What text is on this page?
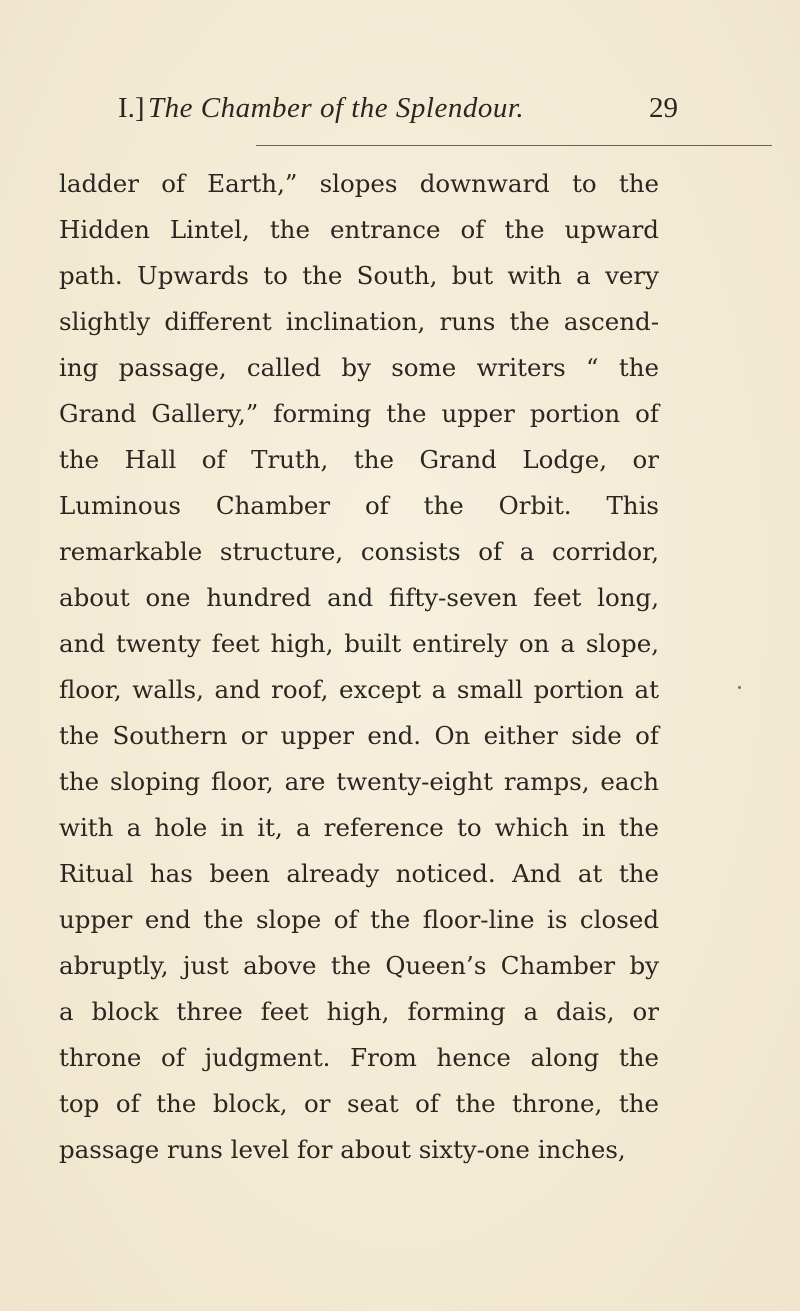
I.] The Chamber of the Splendour.	29
ladder of Earth,” slopes downward to the
Hidden Lintel, the entrance of the upward
path. Upwards to the South, but with a very
slightly different inclination, runs the ascend-
ing passage, called by some writers “ the
Grand Gallery,” forming the upper portion of
the Hall of Truth, the Grand Lodge, or
Luminous Chamber of the Orbit. This
remarkable structure, consists of a corridor,
about one hundred and fifty-seven feet long,
and twenty feet high, built entirely on a slope,
floor, walls, and roof, except a small portion at
the Southern or upper end. On either side of
the sloping floor, are twenty-eight ramps, each
with a hole in it, a reference to which in the
Ritual has been already noticed. And at the
upper end the slope of the floor-line is closed
abruptly, just above the Queen’s Chamber by
a block three feet high, forming a dais, or
throne of judgment. From hence along the
top of the block, or seat of the throne, the
passage runs level for about sixty-one inches,
